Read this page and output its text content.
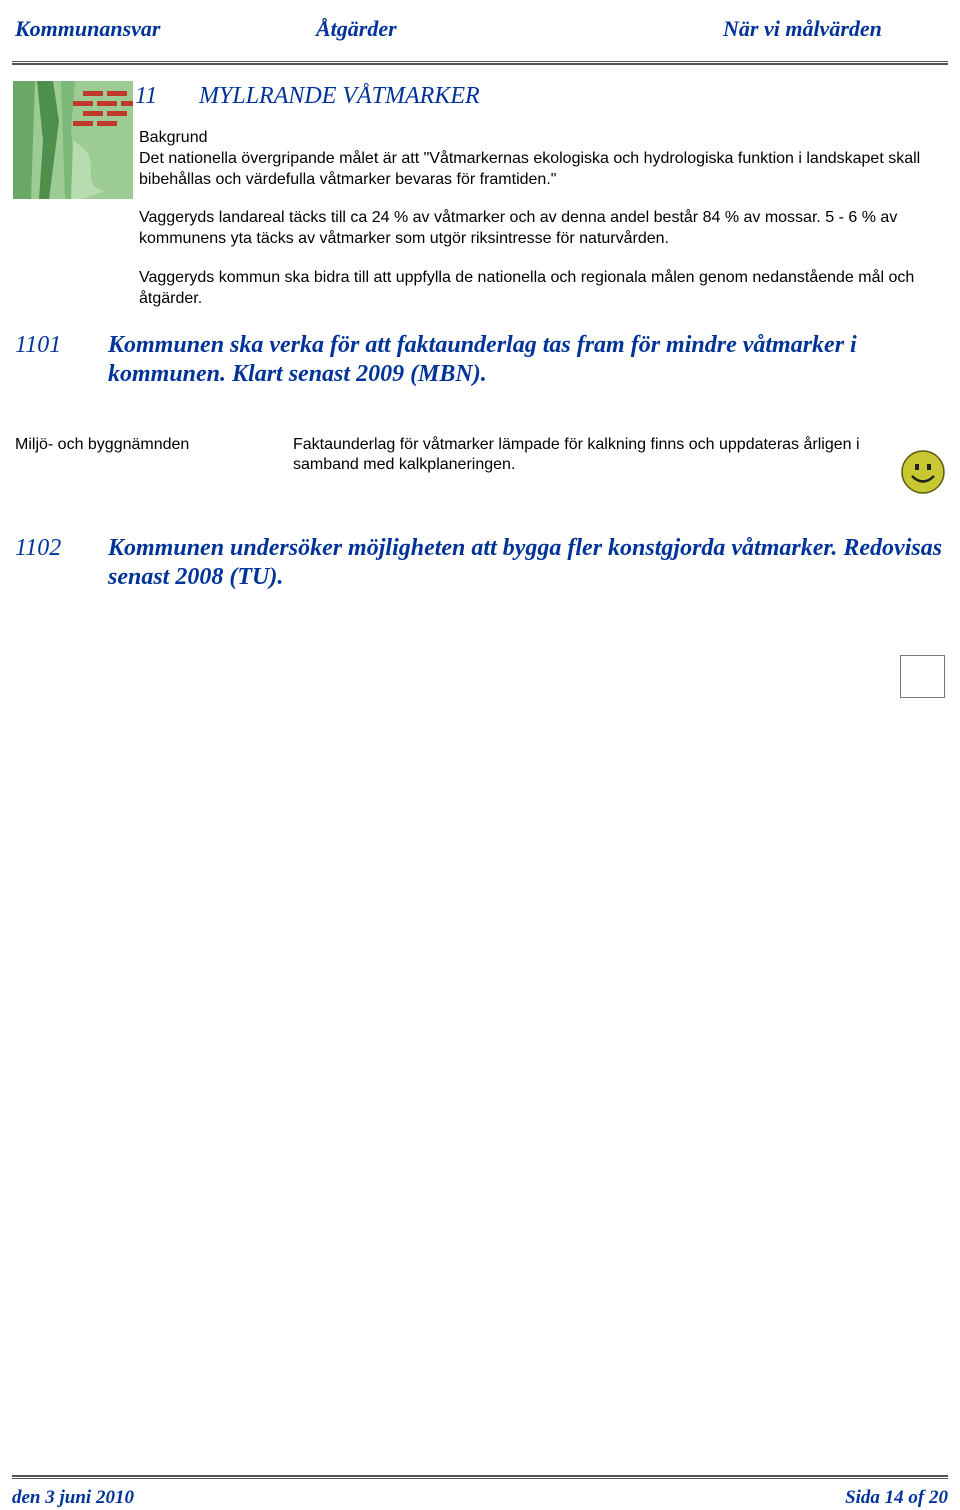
Kommunansvar	Åtgärder	När vi målvärden
11 MYLLRANDE VÅTMARKER
Bakgrund
Det nationella övergripande målet är att "Våtmarkernas ekologiska och hydrologiska funktion i landskapet skall bibehållas och värdefulla våtmarker bevaras för framtiden."
Vaggeryds landareal täcks till ca 24 % av våtmarker och av denna andel består 84 % av mossar. 5 - 6 % av kommunens yta täcks av våtmarker som utgör riksintresse för naturvården.
Vaggeryds kommun ska bidra till att uppfylla de nationella och regionala målen genom nedanstående mål och åtgärder.
1101 Kommunen ska verka för att faktaunderlag tas fram för mindre våtmarker i kommunen. Klart senast 2009 (MBN).
Miljö- och byggnämnden	Faktaunderlag för våtmarker lämpade för kalkning finns och uppdateras årligen i samband med kalkplaneringen.
1102 Kommunen undersöker möjligheten att bygga fler konstgjorda våtmarker. Redovisas senast 2008 (TU).
den 3 juni 2010	Sida 14 of 20
